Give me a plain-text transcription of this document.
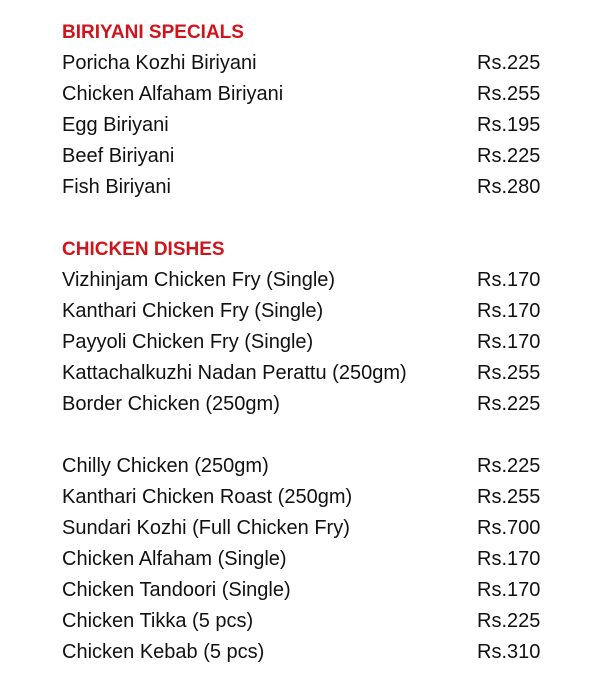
BIRIYANI SPECIALS
Poricha Kozhi Biriyani	Rs.225
Chicken Alfaham Biriyani	Rs.255
Egg Biriyani	Rs.195
Beef Biriyani	Rs.225
Fish Biriyani	Rs.280
CHICKEN DISHES
Vizhinjam Chicken Fry (Single)	Rs.170
Kanthari Chicken Fry (Single)	Rs.170
Payyoli Chicken Fry (Single)	Rs.170
Kattachalkuzhi Nadan Perattu (250gm)	Rs.255
Border Chicken (250gm)	Rs.225
Chilly Chicken (250gm)	Rs.225
Kanthari Chicken Roast (250gm)	Rs.255
Sundari Kozhi (Full Chicken Fry)	Rs.700
Chicken Alfaham (Single)	Rs.170
Chicken Tandoori (Single)	Rs.170
Chicken Tikka (5 pcs)	Rs.225
Chicken Kebab (5 pcs)	Rs.310
